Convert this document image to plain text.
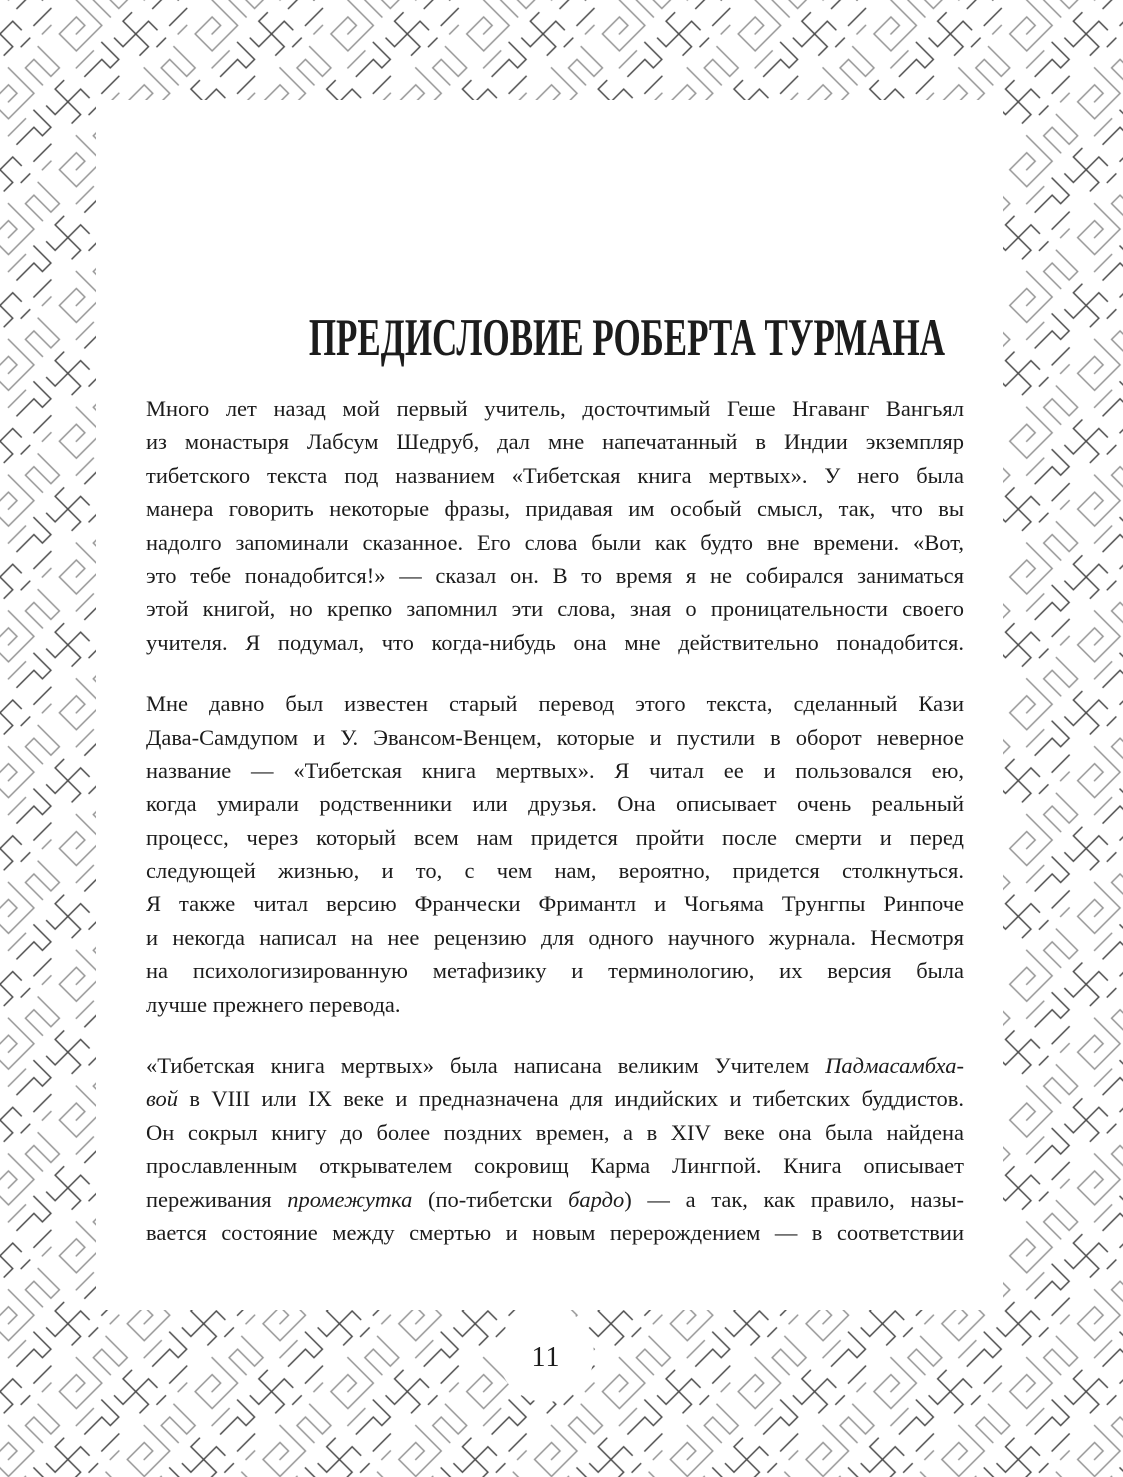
ПРЕДИСЛОВИЕ РОБЕРТА ТУРМАНА
Много лет назад мой первый учитель, досточтимый Геше Нгаванг Вангьял
из монастыря Лабсум Шедруб, дал мне напечатанный в Индии экземпляр
тибетского текста под названием «Тибетская книга мертвых». У него была
манера говорить некоторые фразы, придавая им особый смысл, так, что вы
надолго запоминали сказанное. Его слова были как будто вне времени. «Вот,
это тебе понадобится!» — сказал он. В то время я не собирался заниматься
этой книгой, но крепко запомнил эти слова, зная о проницательности своего
учителя. Я подумал, что когда-нибудь она мне действительно понадобится.
Мне давно был известен старый перевод этого текста, сделанный Кази
Дава-Самдупом и У. Эвансом-Венцем, которые и пустили в оборот неверное
название — «Тибетская книга мертвых». Я читал ее и пользовался ею,
когда умирали родственники или друзья. Она описывает очень реальный
процесс, через который всем нам придется пройти после смерти и перед
следующей жизнью, и то, с чем нам, вероятно, придется столкнуться.
Я также читал версию Франчески Фримантл и Чогьяма Трунгпы Ринпоче
и некогда написал на нее рецензию для одного научного журнала. Несмотря
на психологизированную метафизику и терминологию, их версия была
лучше прежнего перевода.
«Тибетская книга мертвых» была написана великим Учителем Падмасамбха-
вой в VIII или IX веке и предназначена для индийских и тибетских буддистов.
Он сокрыл книгу до более поздних времен, а в XIV веке она была найдена
прославленным открывателем сокровищ Карма Лингпой. Книга описывает
переживания промежутка (по-тибетски бардо) — а так, как правило, назы-
вается состояние между смертью и новым перерождением — в соответствии
11
